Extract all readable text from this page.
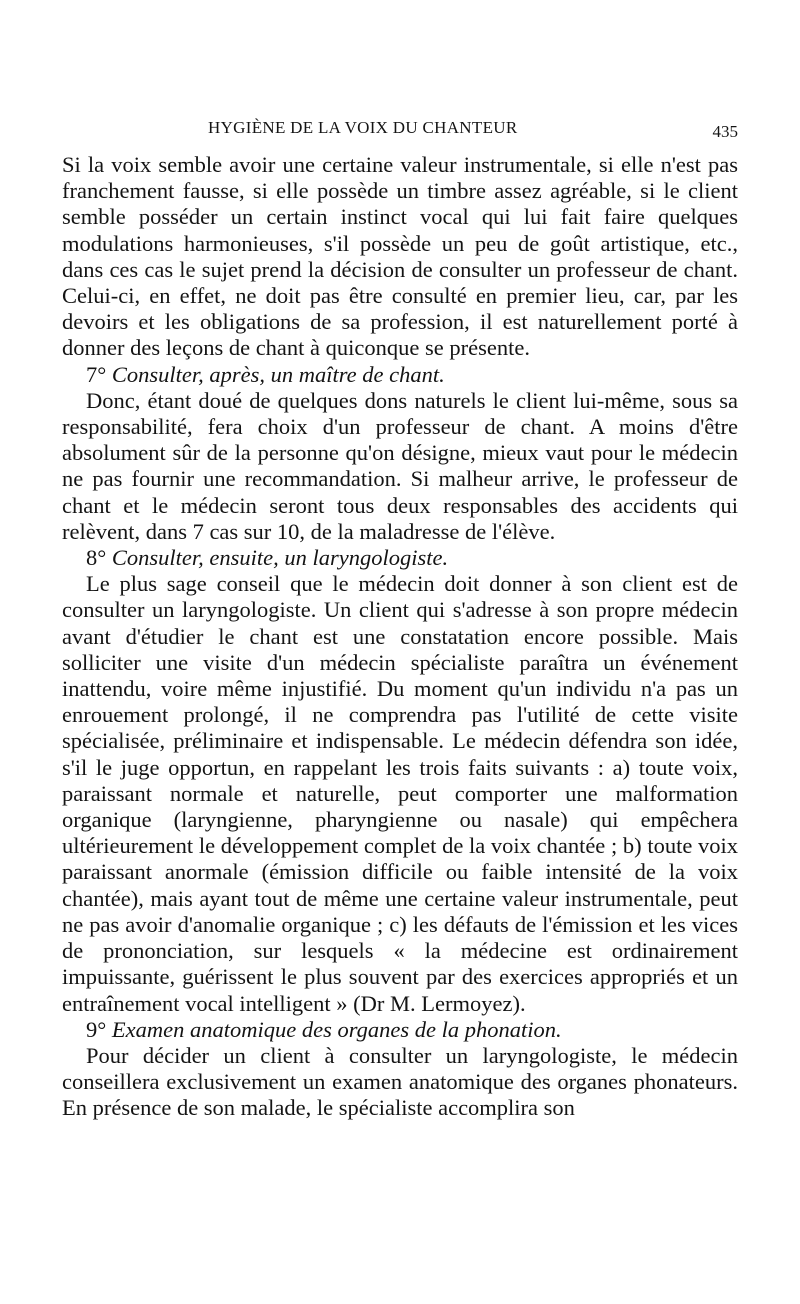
HYGIÈNE DE LA VOIX DU CHANTEUR	435

Si la voix semble avoir une certaine valeur instrumentale, si elle n'est pas franchement fausse, si elle possède un timbre assez agréable, si le client semble posséder un certain instinct vocal qui lui fait faire quelques modulations harmonieuses, s'il possède un peu de goût artistique, etc., dans ces cas le sujet prend la décision de consulter un professeur de chant. Celui-ci, en effet, ne doit pas être consulté en premier lieu, car, par les devoirs et les obligations de sa profession, il est naturellement porté à donner des leçons de chant à quiconque se présente.

7° Consulter, après, un maître de chant.

Donc, étant doué de quelques dons naturels le client lui-même, sous sa responsabilité, fera choix d'un professeur de chant. A moins d'être absolument sûr de la personne qu'on désigne, mieux vaut pour le médecin ne pas fournir une recommandation. Si malheur arrive, le professeur de chant et le médecin seront tous deux responsables des accidents qui relèvent, dans 7 cas sur 10, de la maladresse de l'élève.

8° Consulter, ensuite, un laryngologiste.

Le plus sage conseil que le médecin doit donner à son client est de consulter un laryngologiste. Un client qui s'adresse à son propre médecin avant d'étudier le chant est une constatation encore possible. Mais solliciter une visite d'un médecin spécialiste paraîtra un événement inattendu, voire même injustifié. Du moment qu'un individu n'a pas un enrouement prolongé, il ne comprendra pas l'utilité de cette visite spécialisée, préliminaire et indispensable. Le médecin défendra son idée, s'il le juge opportun, en rappelant les trois faits suivants : a) toute voix, paraissant normale et naturelle, peut comporter une malformation organique (laryngienne, pharyngienne ou nasale) qui empêchera ultérieurement le développement complet de la voix chantée ; b) toute voix paraissant anormale (émission difficile ou faible intensité de la voix chantée), mais ayant tout de même une certaine valeur instrumentale, peut ne pas avoir d'anomalie organique ; c) les défauts de l'émission et les vices de prononciation, sur lesquels « la médecine est ordinairement impuissante, guérissent le plus souvent par des exercices appropriés et un entraînement vocal intelligent » (Dr M. Lermoyez).

9° Examen anatomique des organes de la phonation.

Pour décider un client à consulter un laryngologiste, le médecin conseillera exclusivement un examen anatomique des organes phonateurs. En présence de son malade, le spécialiste accomplira son
